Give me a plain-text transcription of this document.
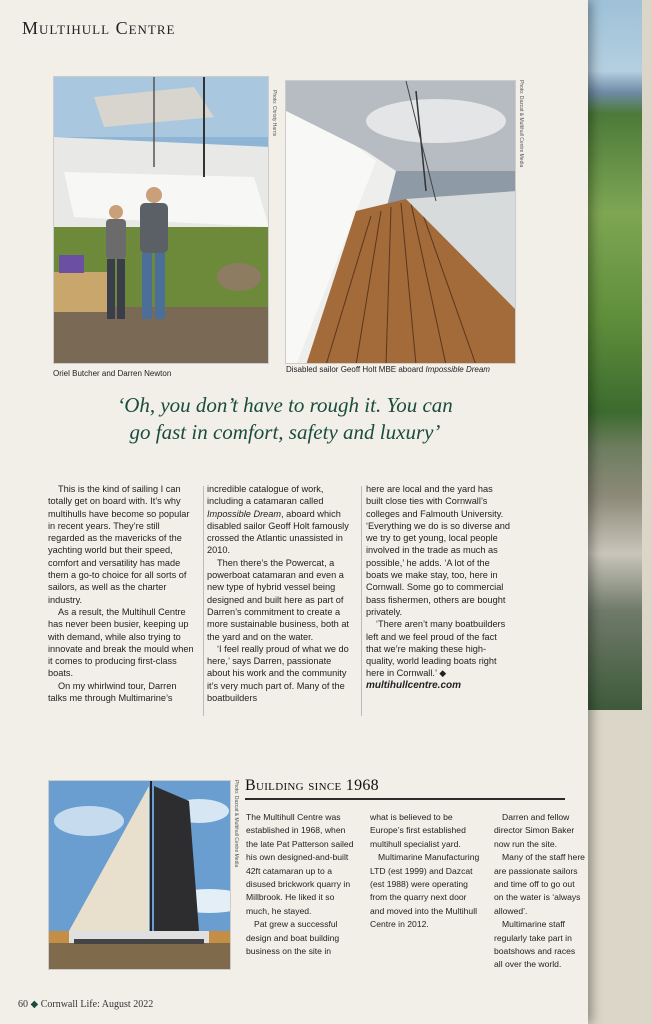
Multihull Centre
Photo: Christy Harris
Oriel Butcher and Darren Newton
Photo: Dazcat & Multihull Centre Media
Disabled sailor Geoff Holt MBE aboard Impossible Dream
‘Oh, you don’t have to rough it. You can
go fast in comfort, safety and luxury’

This is the kind of sailing I can totally get on board with. It’s why multihulls have become so popular in recent years. They’re still regarded as the mavericks of the yachting world but their speed, comfort and versatility has made them a go-to choice for all sorts of sailors, as well as the charter industry.

As a result, the Multihull Centre has never been busier, keeping up with demand, while also trying to innovate and break the mould when it comes to producing first-class boats.

On my whirlwind tour, Darren talks me through Multimarine’s

incredible catalogue of work, including a catamaran called Impossible Dream, aboard which disabled sailor Geoff Holt famously crossed the Atlantic unassisted in 2010.

Then there’s the Powercat, a powerboat catamaran and even a new type of hybrid vessel being designed and built here as part of Darren’s commitment to create a more sustainable business, both at the yard and on the water.

‘I feel really proud of what we do here,’ says Darren, passionate about his work and the community it’s very much part of. Many of the boatbuilders

here are local and the yard has built close ties with Cornwall’s colleges and Falmouth University. ‘Everything we do is so diverse and we try to get young, local people involved in the trade as much as possible,’ he adds. ‘A lot of the boats we make stay, too, here in Cornwall. Some go to commercial bass fishermen, others are bought privately.

‘There aren’t many boatbuilders left and we feel proud of the fact that we’re making these high-quality, world leading boats right here in Cornwall.’ ◆

multihullcentre.com

Photo: Dazcat & Multihull Centre Media Building since 1968

The Multihull Centre was established in 1968, when the late Pat Patterson sailed his own designed-and-built 42ft catamaran up to a disused brickwork quarry in Millbrook. He liked it so much, he stayed.

Pat grew a successful design and boat building business on the site in

what is believed to be Europe’s first established multihull specialist yard.

Multimarine Manufacturing LTD (est 1999) and Dazcat (est 1988) were operating from the quarry next door and moved into the Multihull Centre in 2012.

Darren and fellow director Simon Baker now run the site.

Many of the staff here are passionate sailors and time off to go out on the water is ‘always allowed’.

Multimarine staff regularly take part in boatshows and races all over the world.

60 ◆ Cornwall Life: August 2022
